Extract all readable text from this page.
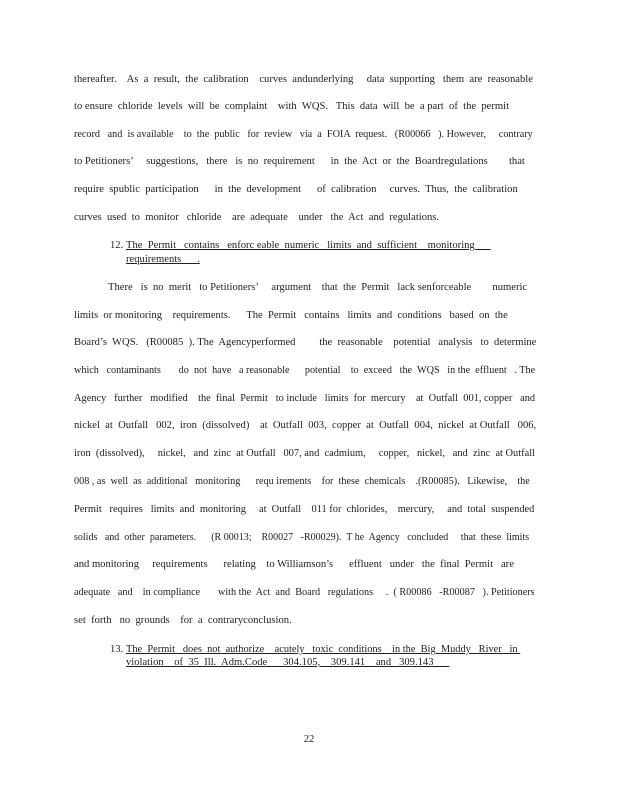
thereafter.    As  a  result,  the  calibration    curves  andunderlying     data  supporting   them  are  reasonable
to ensure  chloride  levels  will  be  complaint    with  WQS.   This  data  will  be  a part  of  the  permit
record   and  is available    to  the  public   for  review   via  a  FOIA  request.   (R00066   ). However,     contrary
to Petitioners’     suggestions,   there   is  no  requirement      in  the  Act  or  the  Boardregulations        that
require  spublic  participation      in  the  development      of  calibration     curves.  Thus,  the  calibration
curves  used  to  monitor   chloride    are  adequate    under   the  Act  and  regulations.
12. The  Permit   contains   enforc eable  numeric   limits  and  sufficient    monitoring
requirements      .
There   is  no  merit   to Petitioners’     argument    that  the  Permit   lack senforceable        numeric
limits  or monitoring    requirements.      The  Permit   contains   limits  and  conditions   based  on  the
Board’s  WQS.   (R00085  ). The  Agencyperformed         the  reasonable    potential   analysis   to  determine
which   contaminants       do  not  have   a reasonable      potential    to  exceed   the  WQS   in the  effluent   . The
Agency   further   modified    the  final  Permit   to include   limits  for  mercury    at  Outfall  001, copper   and
nickel  at  Outfall   002,  iron  (dissolved)    at  Outfall  003,  copper  at  Outfall  004,  nickel  at Outfall   006,
iron  (dissolved),     nickel,   and  zinc  at Outfall   007, and  cadmium,     copper,   nickel,   and  zinc  at Outfall
008 , as  well  as  additional   monitoring      requ irements    for  these  chemicals    .(R00085).   Likewise,    the
Permit   requires   limits  and  monitoring     at  Outfall    011 for  chlorides,    mercury,     and  total  suspended
solids   and  other  parameters.      (R 00013;    R00027   -R00029).  T he  Agency   concluded     that  these  limits
and monitoring     requirements      relating    to Williamson’s      effluent   under   the  final  Permit   are
adequate   and    in compliance       with the  Act  and  Board   regulations     .  ( R00086   -R00087   ). Petitioners
set  forth   no  grounds    for  a  contraryconclusion.
13. The  Permit   does  not  authorize    acutely   toxic  conditions    in the  Big  Muddy   River   in
violation    of  35  Ill.  Adm.Code      304.105,    309.141    and   309.143
22
